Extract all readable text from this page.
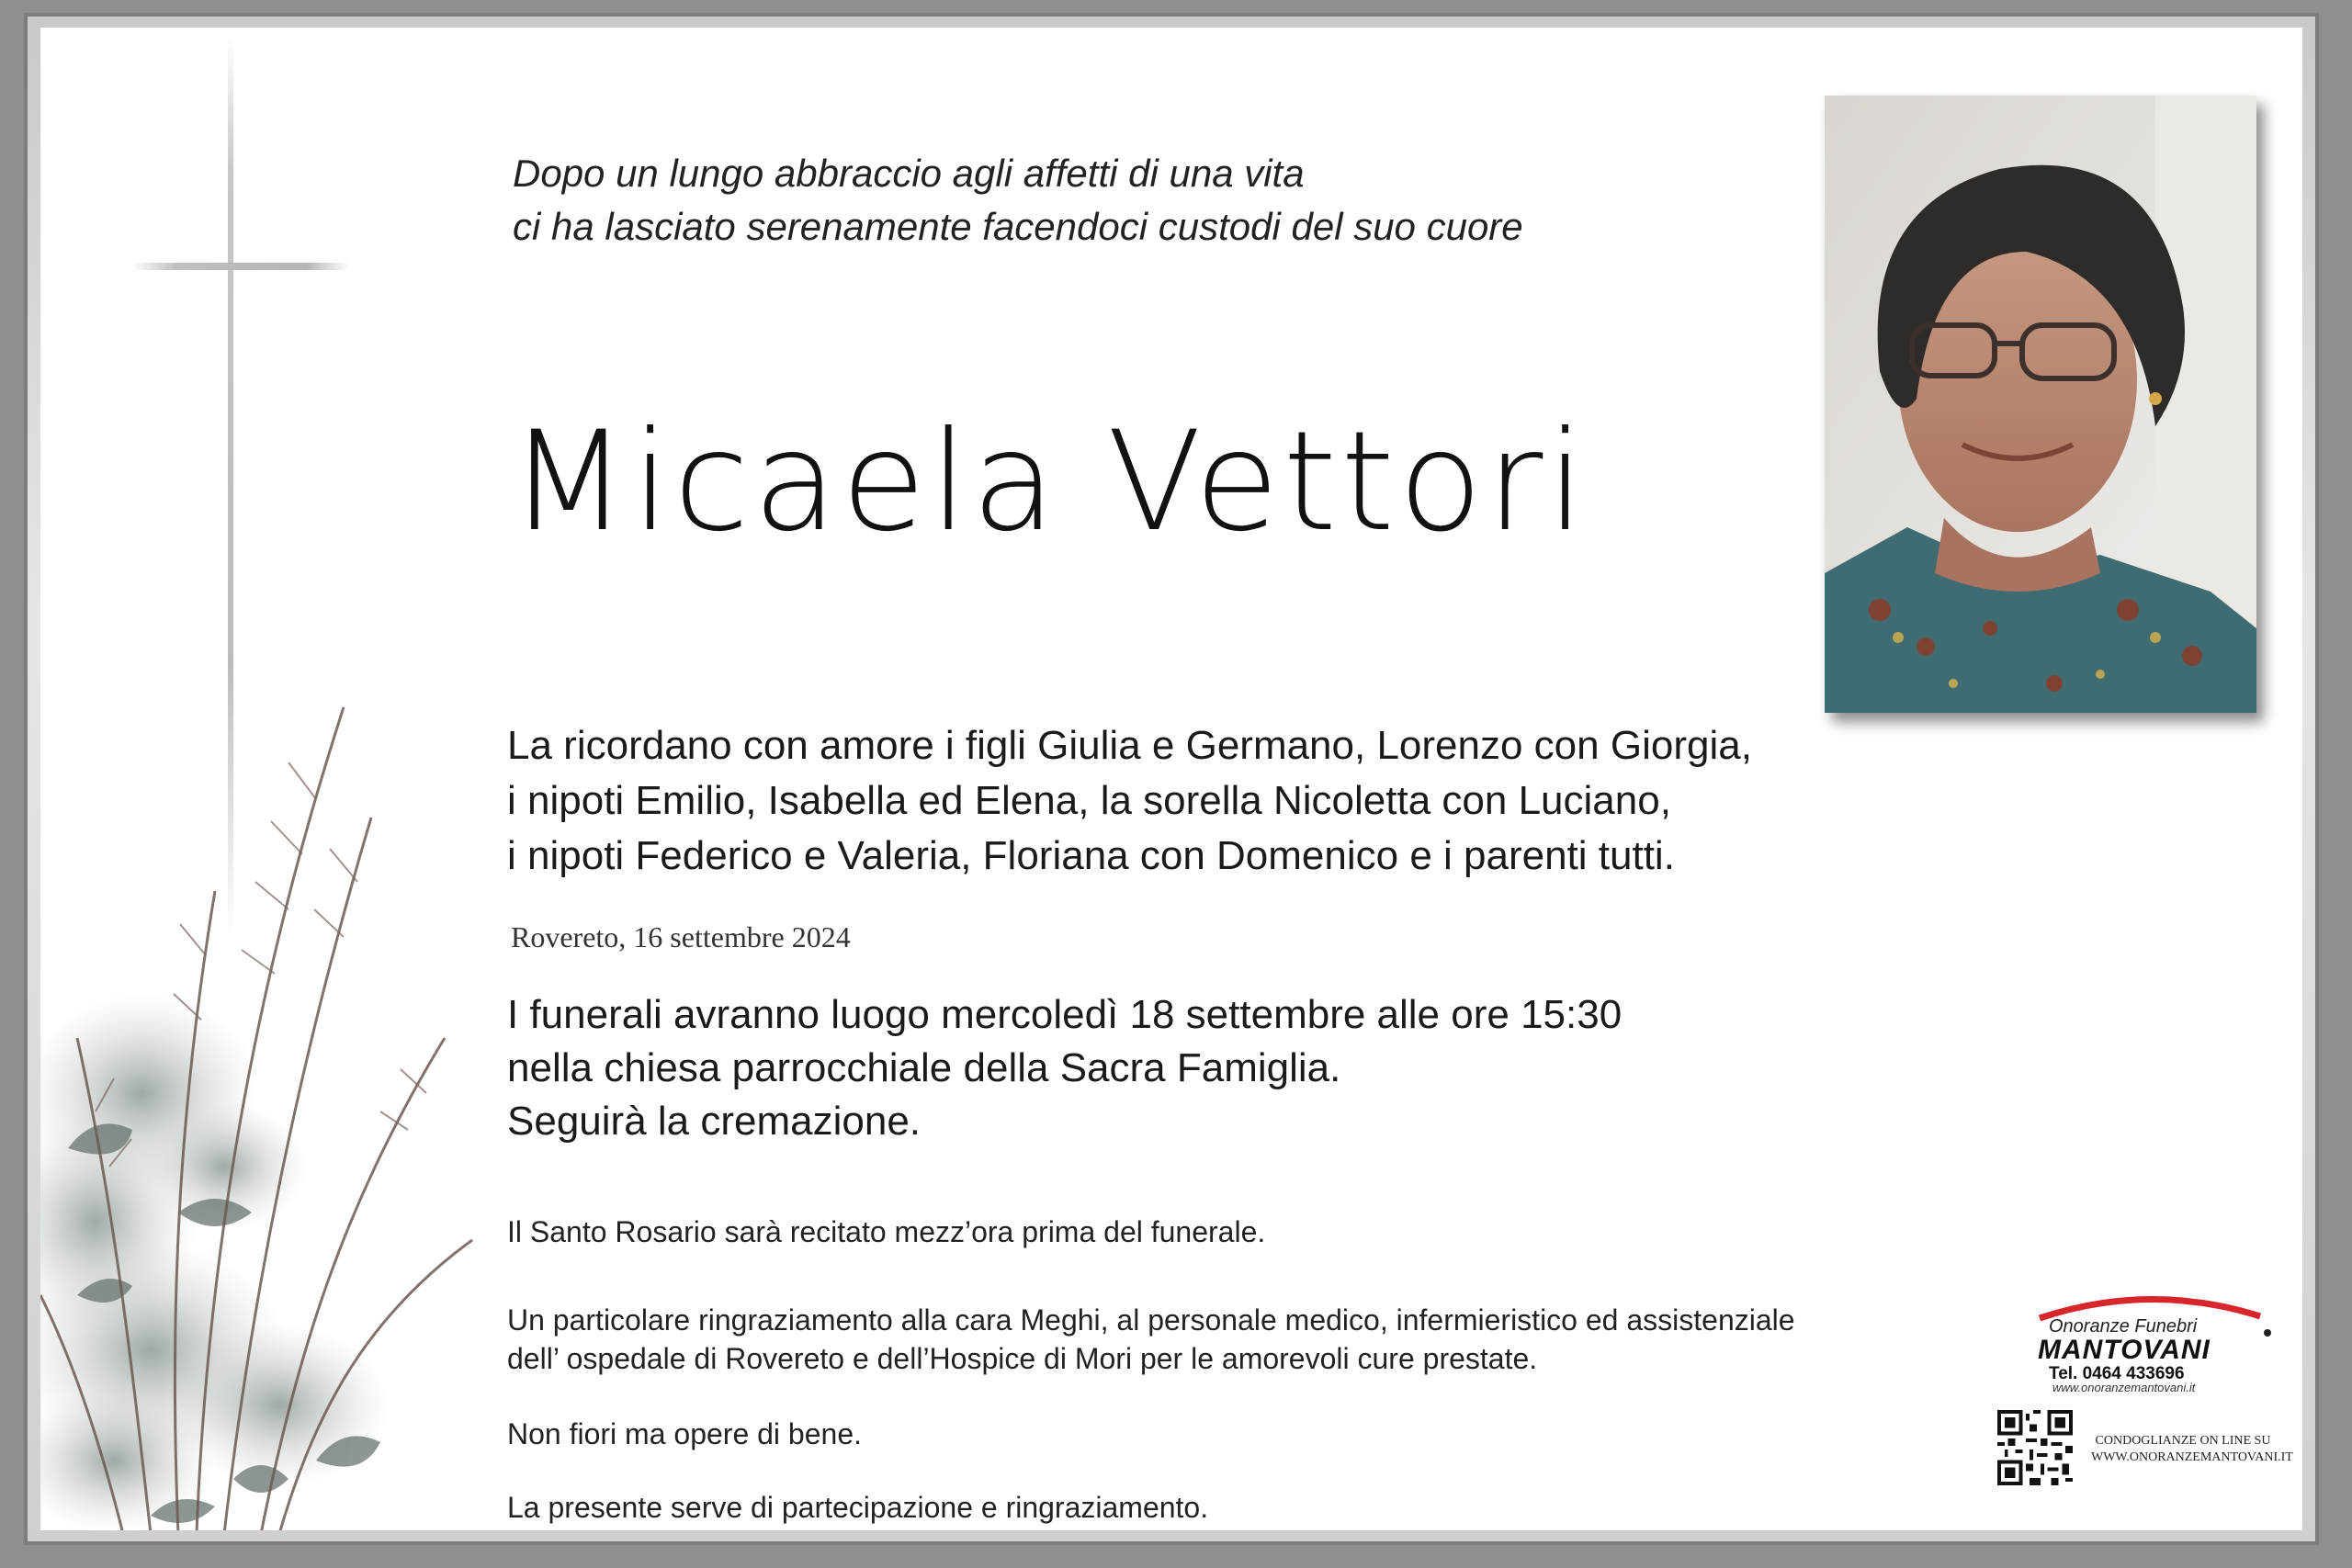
Dopo un lungo abbraccio agli affetti di una vita
ci ha lasciato serenamente facendoci custodi del suo cuore
Micaela Vettori
La ricordano con amore i figli Giulia e Germano, Lorenzo con Giorgia,
i nipoti Emilio, Isabella ed Elena, la sorella Nicoletta con Luciano,
i nipoti Federico e Valeria, Floriana con Domenico e i parenti tutti.
Rovereto, 16 settembre 2024
I funerali avranno luogo mercoledì 18 settembre alle ore 15:30
nella chiesa parrocchiale della Sacra Famiglia.
Seguirà la cremazione.
Il Santo Rosario sarà recitato mezz’ora prima del funerale.
Un particolare ringraziamento alla cara Meghi, al personale medico, infermieristico ed assistenziale
dell’ ospedale di Rovereto e dell’Hospice di Mori per le amorevoli cure prestate.
Non fiori ma opere di bene.
La presente serve di partecipazione e ringraziamento.
Onoranze Funebri
MANTOVANI
Tel. 0464 433696
www.onoranzemantovani.it
CONDOGLIANZE ON LINE SU
WWW.ONORANZEMANTOVANI.IT
